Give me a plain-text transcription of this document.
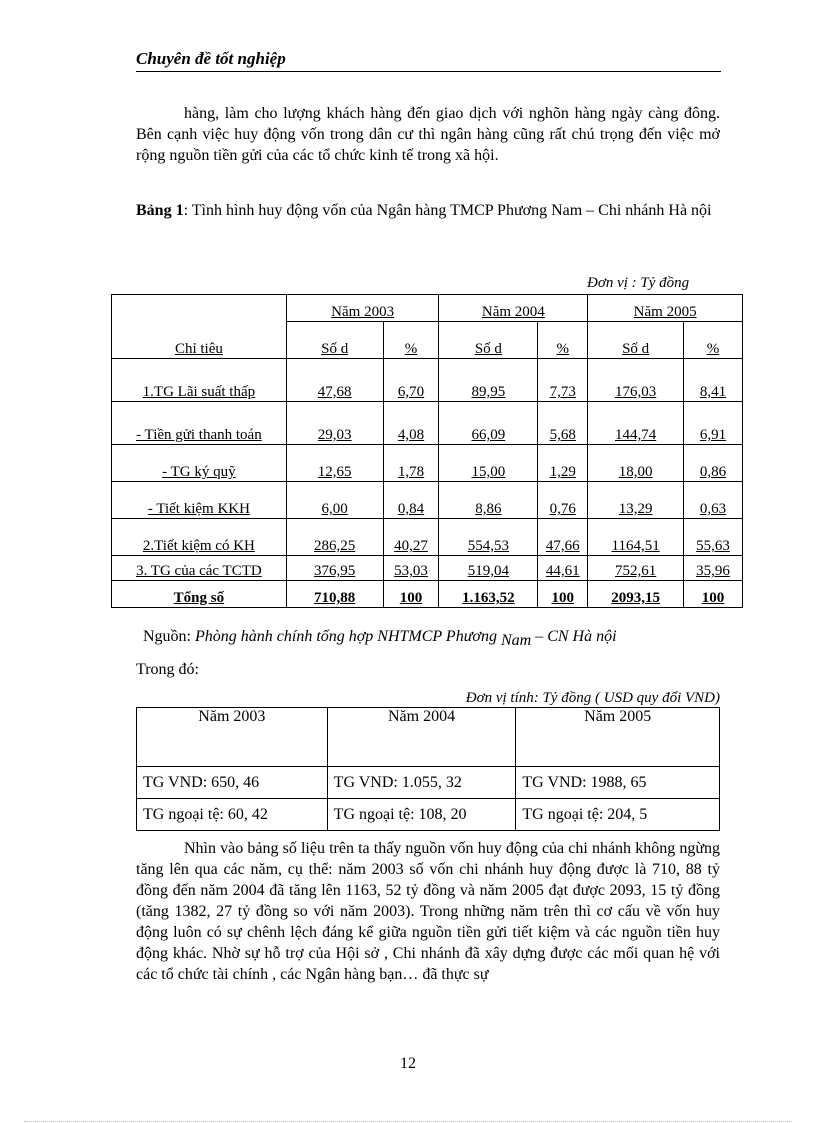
Chuyên đề tốt nghiệp

hàng, làm cho lượng khách hàng đến giao dịch với nghõn hàng ngày càng đông. Bên cạnh việc huy động vốn trong dân cư thì ngân hàng cũng rất chú trọng đến việc mở rộng nguồn tiền gửi của các tổ chức kinh tế trong xã hội.

Bảng 1: Tình hình huy động vốn của Ngân hàng TMCP Phương Nam – Chi nhánh Hà nội
Đơn vị : Tỷ đồng
Chỉ tiêu	Năm 2003		Năm 2004		Năm 2005	
	Số d	%	Số d	%	Số d	%
1.TG Lãi suất thấp	47,68	6,70	89,95	7,73	176,03	8,41
- Tiền gửi thanh toán	29,03	4,08	66,09	5,68	144,74	6,91
- TG ký quỹ	12,65	1,78	15,00	1,29	18,00	0,86
- Tiết kiệm KKH	6,00	0,84	8,86	0,76	13,29	0,63
2.Tiết kiệm có KH	286,25	40,27	554,53	47,66	1164,51	55,63
3. TG của các TCTD	376,95	53,03	519,04	44,61	752,61	35,96
Tổng số	710,88	100	1.163,52	100	2093,15	100
Nguồn: Phòng hành chính tổng hợp NHTMCP Phương Nam – CN Hà nội
Trong đó:
Đơn vị tính: Tỷ đồng ( USD quy đổi VND)
Năm 2003	Năm 2004	Năm 2005
TG VND: 650, 46	TG VND: 1.055, 32	TG VND: 1988, 65
TG ngoại tệ: 60, 42	TG ngoại tệ: 108, 20	TG ngoại tệ: 204, 5

Nhìn vào bảng số liệu trên ta thấy nguồn vốn huy động của chi nhánh không ngừng tăng lên qua các năm, cụ thể: năm 2003 số vốn chi nhánh huy động được là 710, 88 tỷ đồng đến năm 2004 đã tăng lên 1163, 52 tỷ đồng và năm 2005 đạt được 2093, 15 tỷ đồng (tăng 1382, 27 tỷ đồng so với năm 2003). Trong những năm trên thì cơ cấu về vốn huy động luôn có sự chênh lệch đáng kể giữa nguồn tiền gửi tiết kiệm và các nguồn tiền huy động khác. Nhờ sự hỗ trợ của Hội sở , Chi nhánh đã xây dựng được các mối quan hệ với các tổ chức tài chính , các Ngân hàng bạn… đã thực sự

12
